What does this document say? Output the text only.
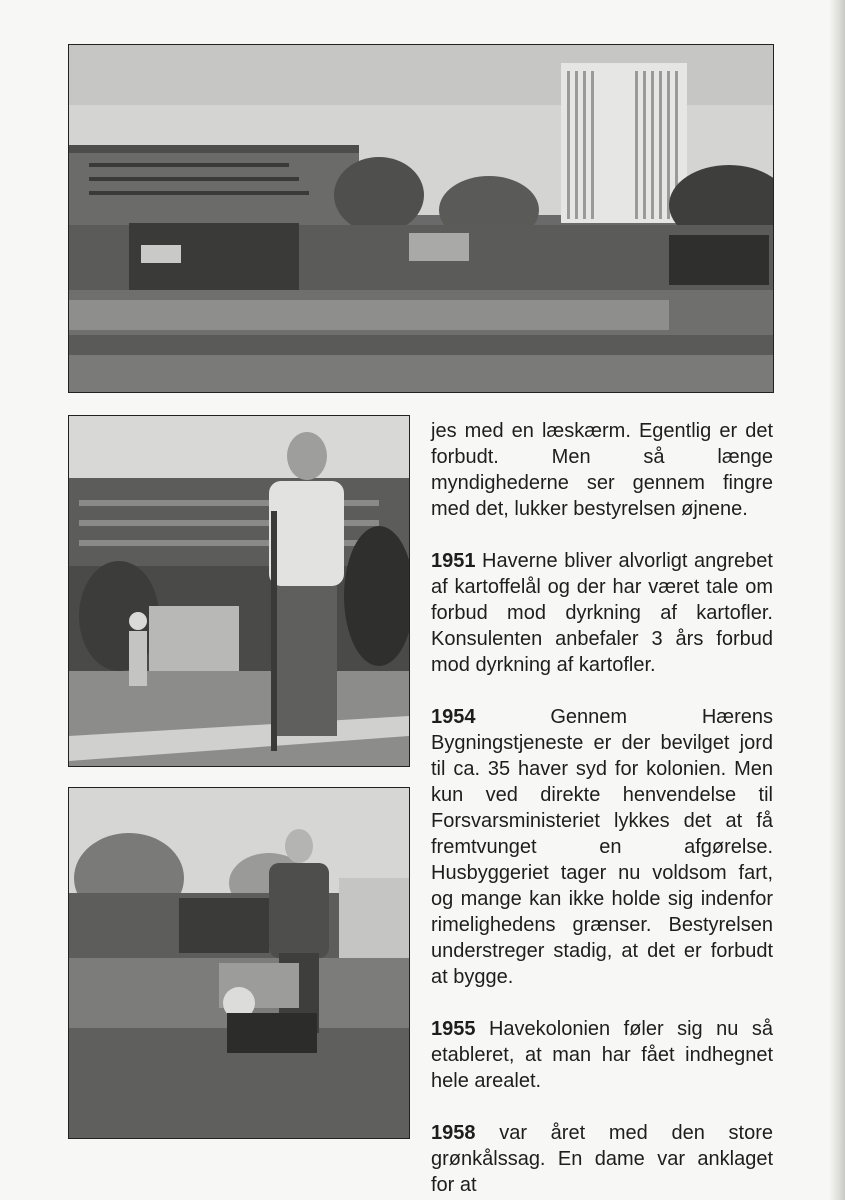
jes med en læskærm. Egentlig er det forbudt. Men så længe myndighederne ser gennem fingre med det, lukker bestyrelsen øjnene.

1951 Haverne bliver alvorligt angrebet af kartoffelål og der har været tale om forbud mod dyrkning af kartofler. Konsulenten anbefaler 3 års forbud mod dyrkning af kartofler.

1954 Gennem Hærens Bygningstjeneste er der bevilget jord til ca. 35 haver syd for kolonien. Men kun ved direkte henvendelse til Forsvarsministeriet lykkes det at få fremtvunget en afgørelse. Husbyggeriet tager nu voldsom fart, og mange kan ikke holde sig indenfor rimelighedens grænser. Bestyrelsen understreger stadig, at det er forbudt at bygge.

1955 Havekolonien føler sig nu så etableret, at man har fået indhegnet hele arealet.

1958 var året med den store grønkålssag. En dame var anklaget for at
